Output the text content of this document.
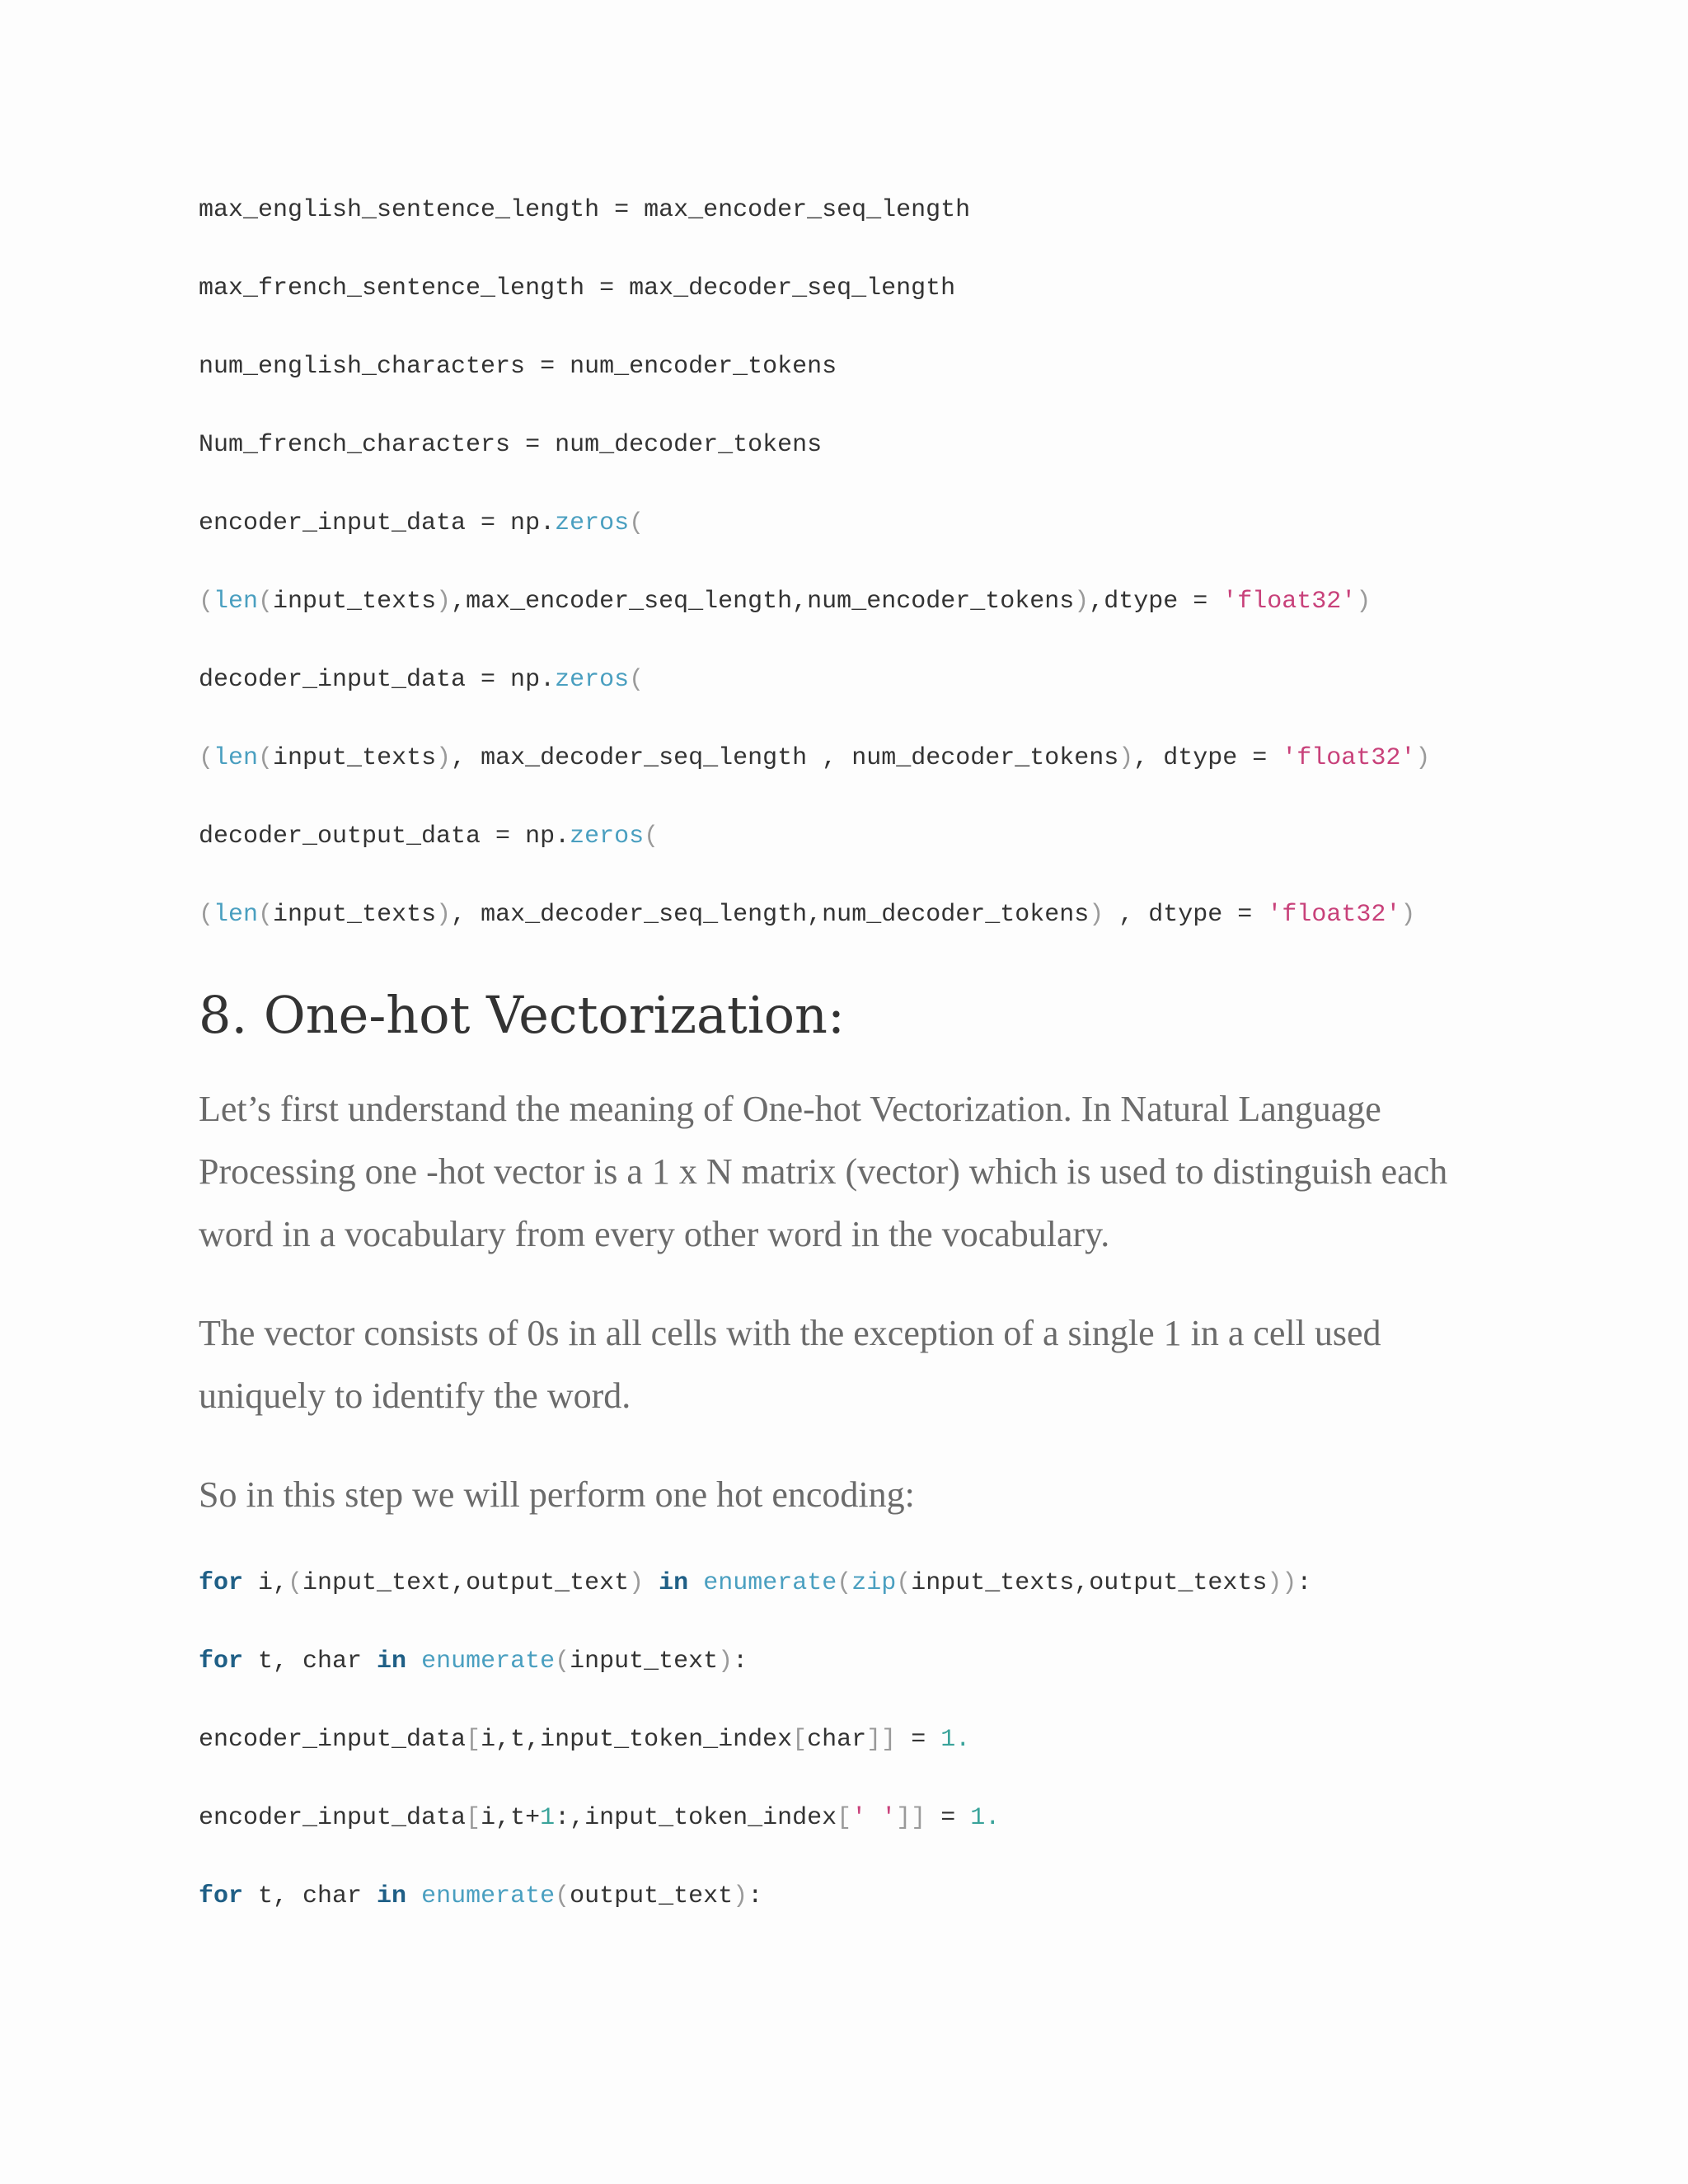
max_english_sentence_length = max_encoder_seq_length
max_french_sentence_length = max_decoder_seq_length
num_english_characters = num_encoder_tokens
Num_french_characters = num_decoder_tokens
encoder_input_data = np.zeros(
(len(input_texts),max_encoder_seq_length,num_encoder_tokens),dtype = 'float32')
decoder_input_data = np.zeros(
(len(input_texts), max_decoder_seq_length , num_decoder_tokens), dtype = 'float32')
decoder_output_data = np.zeros(
(len(input_texts), max_decoder_seq_length,num_decoder_tokens) , dtype = 'float32')
8. One-hot Vectorization:

Let’s first understand the meaning of One-hot Vectorization. In Natural Language Processing one -hot vector is a 1 x N matrix (vector) which is used to distinguish each word in a vocabulary from every other word in the vocabulary.

The vector consists of 0s in all cells with the exception of a single 1 in a cell used uniquely to identify the word.

So in this step we will perform one hot encoding:

for i,(input_text,output_text) in enumerate(zip(input_texts,output_texts)):
for t, char in enumerate(input_text):
encoder_input_data[i,t,input_token_index[char]] = 1.
encoder_input_data[i,t+1:,input_token_index[' ']] = 1.
for t, char in enumerate(output_text):
